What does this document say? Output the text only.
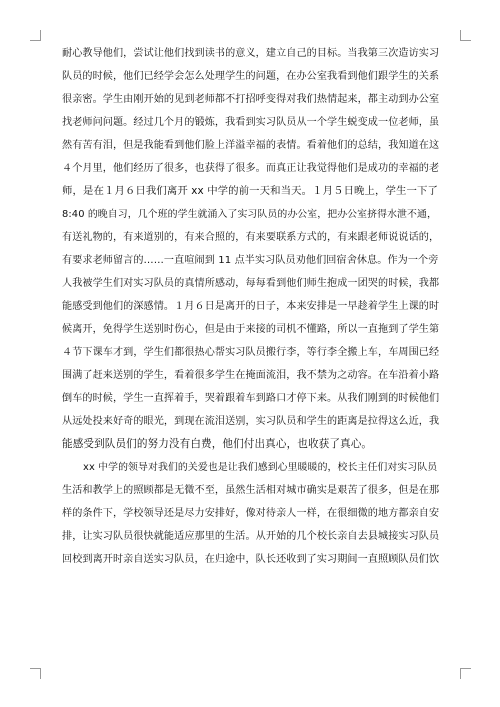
耐心教导他们，尝试让他们找到读书的意义，建立自己的目标。当我第三次造访实习
队员的时候，他们已经学会怎么处理学生的问题，在办公室我看到他们跟学生的关系
很亲密。学生由刚开始的见到老师都不打招呼变得对我们热情起来，都主动到办公室
找老师问问题。经过几个月的锻炼，我看到实习队员从一个学生蜕变成一位老师，虽
然有苦有泪，但是我能看到他们脸上洋溢幸福的表情。看着他们的总结，我知道在这
４个月里，他们经历了很多，也获得了很多。而真正让我觉得他们是成功的幸福的老
师，是在１月６日我们离开 xx 中学的前一天和当天。１月５日晚上，学生一下了
8:40 的晚自习，几个班的学生就涌入了实习队员的办公室，把办公室挤得水泄不通，
有送礼物的，有来道别的，有来合照的，有来要联系方式的，有来跟老师说说话的，
有要求老师留言的……一直喧闹到 11 点半实习队员劝他们回宿舍休息。作为一个旁
人我被学生们对实习队员的真情所感动，每每看到他们师生抱成一团哭的时候，我都
能感受到他们的深感情。１月６日是离开的日子，本来安排是一早趁着学生上课的时
候离开，免得学生送别时伤心，但是由于来接的司机不懂路，所以一直拖到了学生第
４节下课车才到，学生们都很热心帮实习队员搬行李，等行李全搬上车，车周围已经
围满了赶来送别的学生，看着很多学生在掩面流泪，我不禁为之动容。在车沿着小路
倒车的时候，学生一直挥着手，哭着跟着车到路口才停下来。从我们刚到的时候他们
从远处投来好奇的眼光，到现在流泪送别，实习队员和学生的距离是拉得这么近，我
能感受到队员们的努力没有白费，他们付出真心，也收获了真心。
xx 中学的领导对我们的关爱也是让我们感到心里暖暖的，校长主任们对实习队员
生活和教学上的照顾都是无微不至，虽然生活相对城市确实是艰苦了很多，但是在那
样的条件下，学校领导还是尽力安排好，像对待亲人一样，在很细微的地方都亲自安
排，让实习队员很快就能适应那里的生活。从开始的几个校长亲自去县城接实习队员
回校到离开时亲自送实习队员，在归途中，队长还收到了实习期间一直照顾队员们饮
